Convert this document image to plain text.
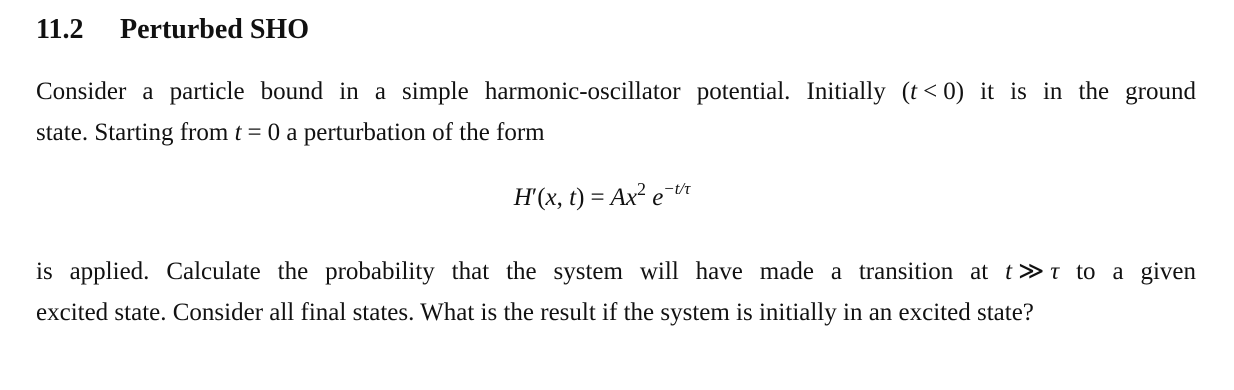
11.2 Perturbed SHO
Consider a particle bound in a simple harmonic-oscillator potential. Initially (t < 0) it is in the ground
state. Starting from t = 0 a perturbation of the form
H′(x, $t) = Ax^2$ $e^{-t/\tau}$
is applied. Calculate the probability that the system will have made a transition at t ≫ τ to a given
excited state. Consider all final states. What is the result if the system is initially in an excited state?
